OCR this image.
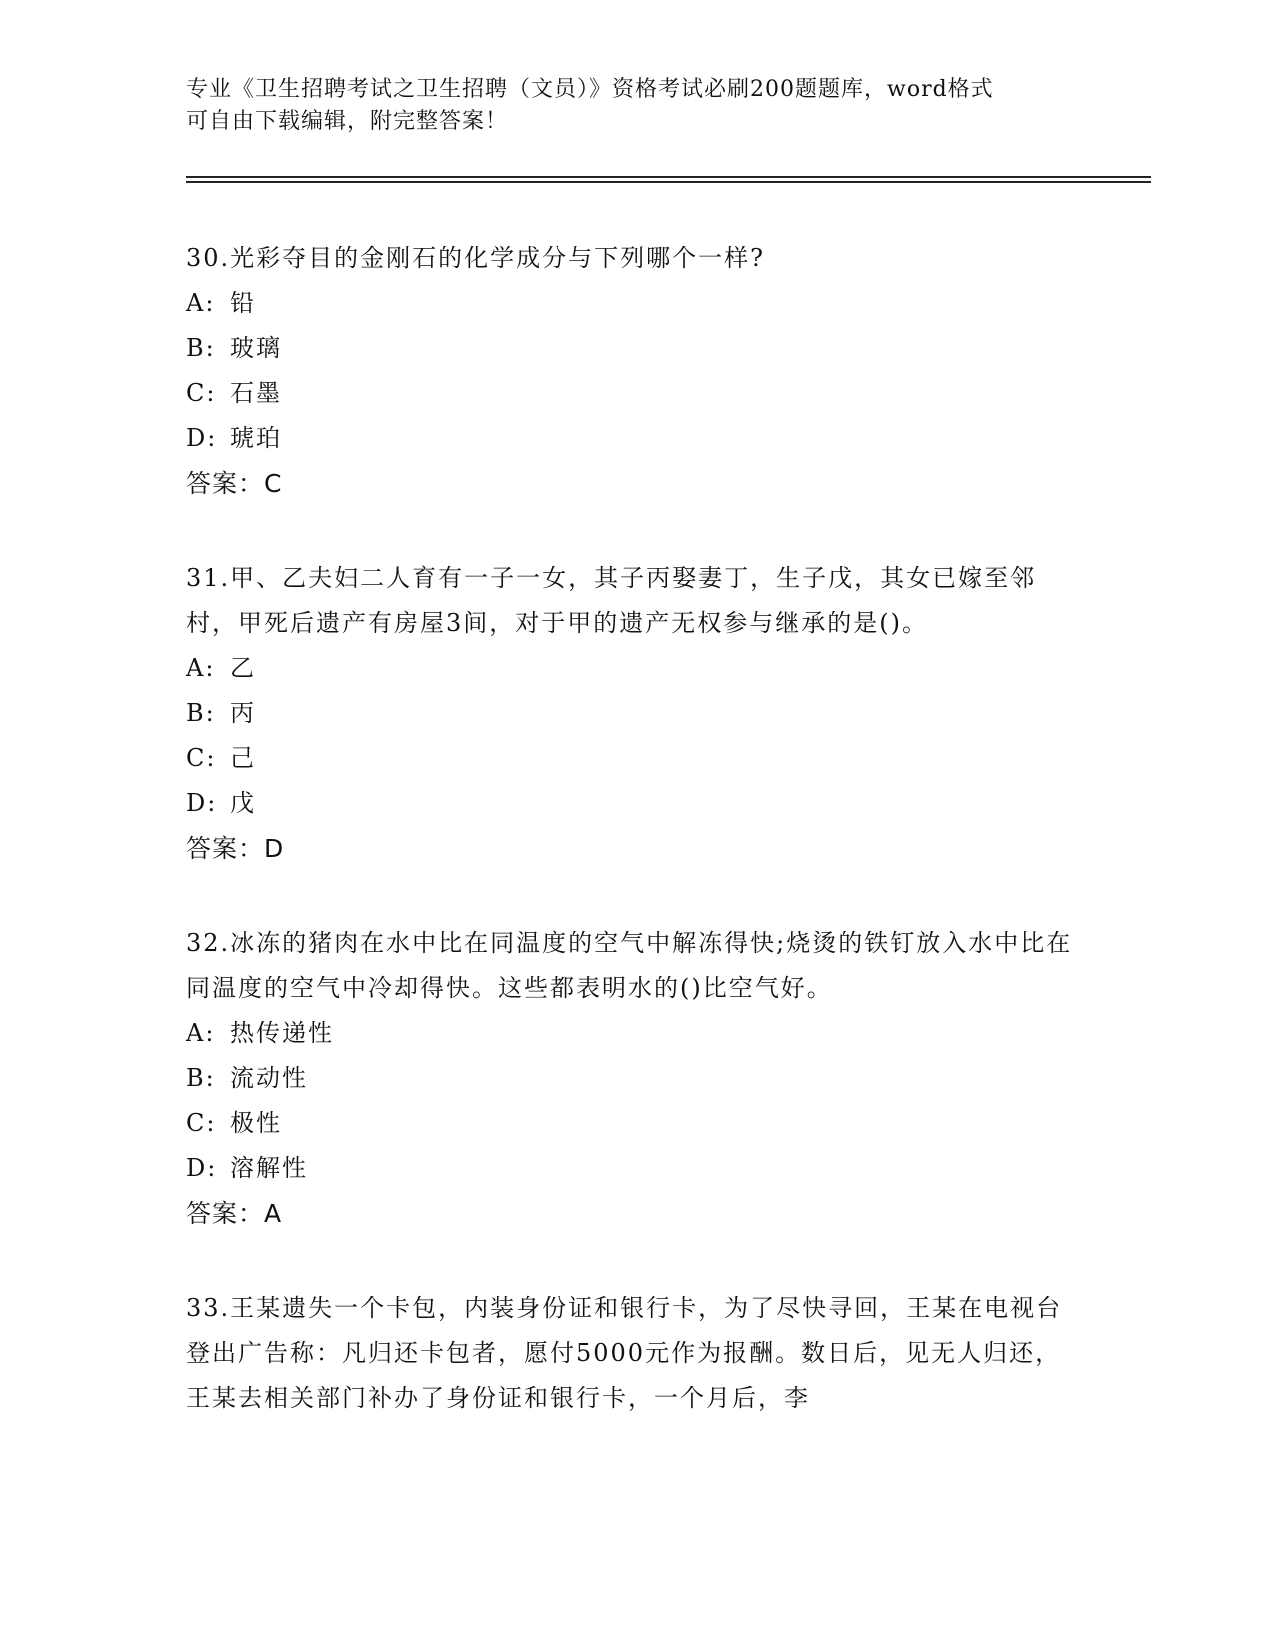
专业《卫生招聘考试之卫生招聘（文员）》资格考试必刷200题题库，word格式
可自由下载编辑，附完整答案！
30.光彩夺目的金刚石的化学成分与下列哪个一样?
A: 铅
B: 玻璃
C: 石墨
D: 琥珀
答案：C
31.甲、乙夫妇二人育有一子一女，其子丙娶妻丁，生子戊，其女已嫁至邻村，甲死后遗产有房屋3间，对于甲的遗产无权参与继承的是()。
A: 乙
B: 丙
C: 己
D: 戊
答案：D
32.冰冻的猪肉在水中比在同温度的空气中解冻得快;烧烫的铁钉放入水中比在同温度的空气中冷却得快。这些都表明水的()比空气好。
A: 热传递性
B: 流动性
C: 极性
D: 溶解性
答案：A
33.王某遗失一个卡包，内装身份证和银行卡，为了尽快寻回，王某在电视台登出广告称：凡归还卡包者，愿付5000元作为报酬。数日后，见无人归还，王某去相关部门补办了身份证和银行卡，一个月后，李
